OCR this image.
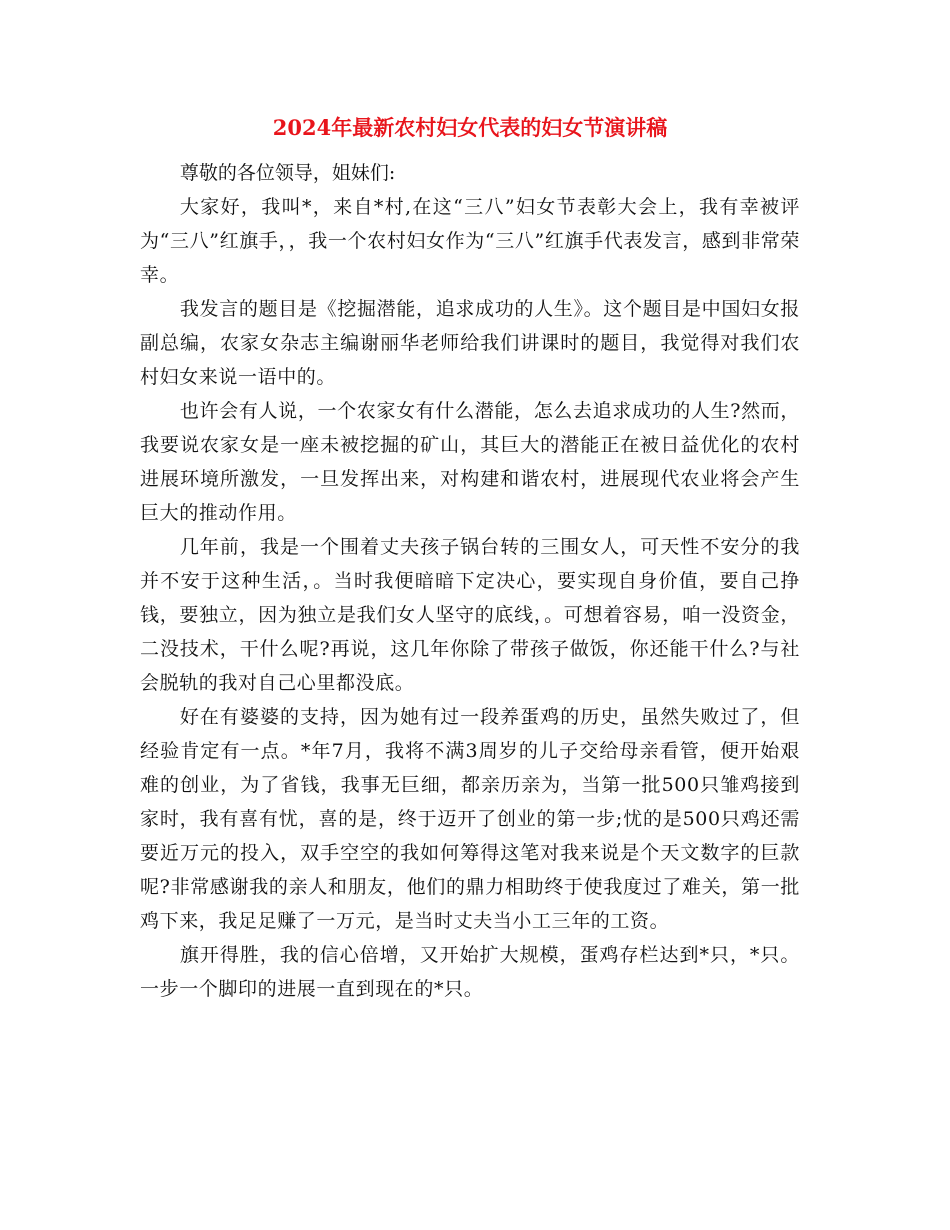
2024年最新农村妇女代表的妇女节演讲稿

尊敬的各位领导，姐妹们:

大家好，我叫*，来自*村,在这“三八”妇女节表彰大会上，我有幸被评为“三八”红旗手，，我一个农村妇女作为“三八”红旗手代表发言，感到非常荣幸。

我发言的题目是《挖掘潜能，追求成功的人生》。这个题目是中国妇女报副总编，农家女杂志主编谢丽华老师给我们讲课时的题目，我觉得对我们农村妇女来说一语中的。

也许会有人说，一个农家女有什么潜能，怎么去追求成功的人生?然而，我要说农家女是一座未被挖掘的矿山，其巨大的潜能正在被日益优化的农村进展环境所激发，一旦发挥出来，对构建和谐农村，进展现代农业将会产生巨大的推动作用。

几年前，我是一个围着丈夫孩子锅台转的三围女人，可天性不安分的我并不安于这种生活，。当时我便暗暗下定决心，要实现自身价值，要自己挣钱，要独立，因为独立是我们女人坚守的底线，。可想着容易，咱一没资金，二没技术，干什么呢?再说，这几年你除了带孩子做饭，你还能干什么?与社会脱轨的我对自己心里都没底。

好在有婆婆的支持，因为她有过一段养蛋鸡的历史，虽然失败过了，但经验肯定有一点。*年7月，我将不满3周岁的儿子交给母亲看管，便开始艰难的创业，为了省钱，我事无巨细，都亲历亲为，当第一批500只雏鸡接到家时，我有喜有忧，喜的是，终于迈开了创业的第一步;忧的是500只鸡还需要近万元的投入，双手空空的我如何筹得这笔对我来说是个天文数字的巨款呢?非常感谢我的亲人和朋友，他们的鼎力相助终于使我度过了难关，第一批鸡下来，我足足赚了一万元，是当时丈夫当小工三年的工资。

旗开得胜，我的信心倍增，又开始扩大规模，蛋鸡存栏达到*只，*只。一步一个脚印的进展一直到现在的*只。
